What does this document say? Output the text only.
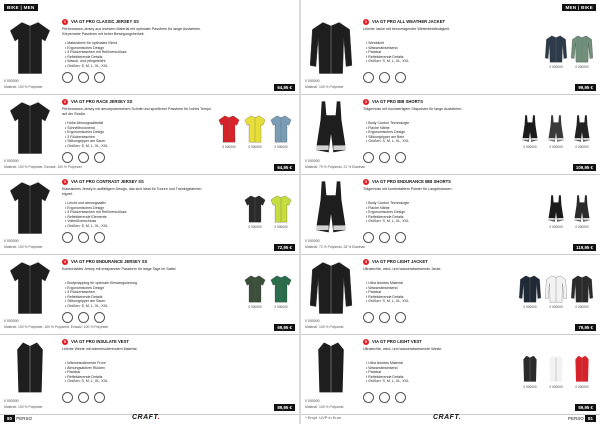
BIKE | MEN
0 000000
1	VIA GT PRO CLASSIC JERSEY SS
Performance-Jersey aus leichtem Material mit optimaler Passform für lange Ausfahrten. Körpernahe Passform mit hoher Bewegungsfreiheit.
• Materialmix für optimales Klima
• Ergonomisches Design
• 3 Rückentaschen mit Reißverschluss
• Reflektierende Details
• Wasch- und pflegeleicht
• Größen: S, M, L, XL, XXL
Material: 100 % Polyester	64,95 €
0 000000
2	VIA GT PRO RACE JERSEY SS
Performance-Jersey mit aerodynamischem Schnitt und sportlicher Passform für hohes Tempo auf der Straße.
• Hohe Atmungsaktivität
• Schnelltrocknend
• Ergonomisches Design
• 3 Rückentaschen
• Silikongripper am Saum
• Größen: S, M, L, XL, XXL
Material: 100 % Polyester, Einsatz: 100 % Polyester	64,95 €
0 000000	0 000000	0 000000
0 000000
3	VIA GT PRO CONTRAST JERSEY SS
Klassisches Jersey in auffälligem Design, das sich ideal für Touren und Trainingsfahrten eignet.
• Leicht und atmungsaktiv
• Ergonomisches Design
• 3 Rückentaschen mit Reißverschluss
• Reflektierende Elemente
• Vollreißverschluss
• Größen: S, M, L, XL, XXL
Material: 100 % Polyester	72,95 €
0 000000	0 000000
0 000000
4	VIA GT PRO ENDURANCE JERSEY SS
Komfortables Jersey mit entspannter Passform für lange Tage im Sattel.
• Bodymapping für optimale Klimaregulierung
• Ergonomisches Design
• 3 Rückentaschen
• Reflektierende Details
• Silikongripper am Saum
• Größen: S, M, L, XL, XXL
Material: 100 % Polyester, 100 % Polyamid, Einsatz: 100 % Polyester	69,95 €
0 000000	0 000000
0 000000
5	VIA GT PRO INSULATE VEST
Leichte Weste mit wärmeisolierendem Material.
• Wärmeisolierende Front
• Atmungsaktiver Rücken
• Packbar
• Reflektierende Details
• Größen: S, M, L, XL, XXL
Material: 100 % Polyester	89,95 €
80 PERSO	CRAFT.
MEN | BIKE
0 000000
1	VIA GT PRO ALL WEATHER JACKET
Leichte Jacke mit hervorragender Wetterbeständigkeit.
• Winddicht
• Wasserabweisend
• Packbar
• Reflektierende Details
• Größen: S, M, L, XL, XXL
Material: 100 % Polyester	99,95 €
0 000000	0 000000
0 000000
2	VIA GT PRO BIB SHORTS
Trägerhose mit hochwertigem Sitzpolster für lange Ausfahrten.
• Body Control Technologie
• Flache Nähte
• Ergonomisches Design
• Silikongripper am Bein
• Größen: S, M, L, XL, XXL
Material: 79 % Polyamid, 21 % Elasthan	109,95 €
0 000000	0 000000	0 000000
0 000000
3	VIA GT PRO ENDURANCE BIB SHORTS
Trägerhose mit komfortablem Polster für Langdistanzen.
• Body Control Technologie
• Flache Nähte
• Ergonomisches Design
• Reflektierende Details
• Größen: S, M, L, XL, XXL
Material: 72 % Polyamid, 28 % Elasthan	119,95 €
0 000000	0 000000
0 000000
4	VIA GT PRO LIGHT JACKET
Ultraleichte, wind- und wasserabweisende Jacke.
• Ultra leichtes Material
• Wasserabweisend
• Packbar
• Reflektierende Details
• Größen: S, M, L, XL, XXL
Material: 100 % Polyamid	79,95 €
0 000000	0 000000	0 000000
0 000000
5	VIA GT PRO LIGHT VEST
Ultraleichte, wind- und wasserabweisende Weste.
• Ultra leichtes Material
• Wasserabweisend
• Packbar
• Reflektierende Details
• Größen: S, M, L, XL, XXL
Material: 100 % Polyamid	59,95 €
0 000000	0 000000	0 000000
* Empf. UVP in Euro	CRAFT.	PERSO 81
